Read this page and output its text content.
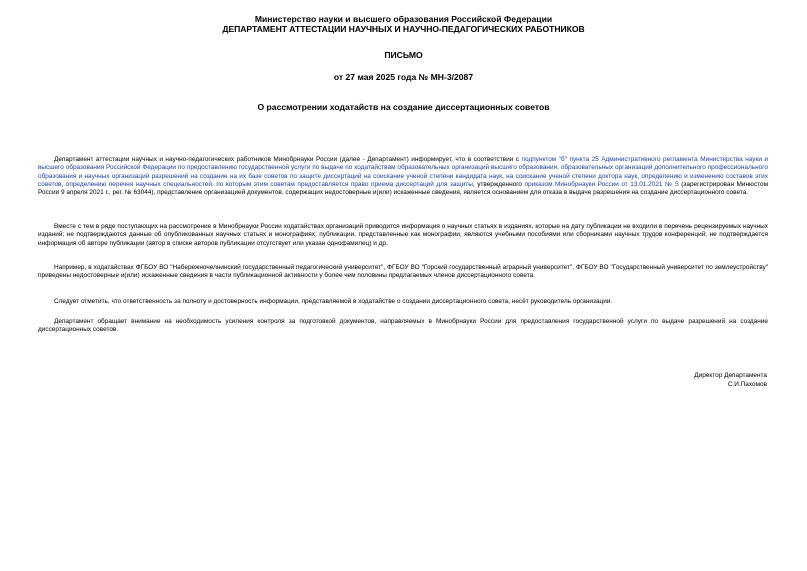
Министерство науки и высшего образования Российской Федерации
ДЕПАРТАМЕНТ АТТЕСТАЦИИ НАУЧНЫХ И НАУЧНО-ПЕДАГОГИЧЕСКИХ РАБОТНИКОВ
ПИСЬМО
от 27 мая 2025 года № МН-3/2087
О рассмотрении ходатайств на создание диссертационных советов
Департамент аттестации научных и научно-педагогических работников Минобрнауки России (далее - Департамент) информирует, что в соответствии с подпунктом "б" пункта 25 Административного регламента Министерства науки и высшего образования Российской Федерации по предоставлению государственной услуги по выдаче по ходатайствам образовательных организаций высшего образования, образовательных организаций дополнительного профессионального образования и научных организаций разрешений на создание на их базе советов по защите диссертаций на соискание ученой степени кандидата наук, на соискание ученой степени доктора наук, определению и изменению составов этих советов, определению перечня научных специальностей, по которым этим советам предоставляется право приема диссертаций для защиты, утвержденного приказом Минобрнауки России от 13.01.2021 № 5 (зарегистрирован Минюстом России 9 апреля 2021 г., рег. № 63044), представление организацией документов, содержащих недостоверные и(или) искаженные сведения, является основанием для отказа в выдаче разрешения на создание диссертационного совета.
Вместе с тем в ряде поступающих на рассмотрение в Минобрнауки России ходатайствах организаций приводится информация о научных статьях в изданиях, которые на дату публикации не входили в перечень рецензируемых научных изданий; не подтверждаются данные об опубликованных научных статьях и монографиях; публикации, представленные как монографии, являются учебными пособиями или сборниками научных трудов конференций; не подтверждается информация об авторе публикации (автор в списке авторов публикации отсутствует или указан однофамилец) и др.
Например, в ходатайствах ФГБОУ ВО "Набережночелнинский государственный педагогический университет", ФГБОУ ВО "Горский государственный аграрный университет", ФГБОУ ВО "Государственный университет по землеустройству" приведены недостоверные и(или) искаженные сведения в части публикационной активности у более чем половины предлагаемых членов диссертационного совета.
Следует отметить, что ответственность за полноту и достоверность информации, представляемой в ходатайстве о создании диссертационного совета, несёт руководитель организации.
Департамент обращает внимание на необходимость усиления контроля за подготовкой документов, направляемых в Минобрнауки России для предоставления государственной услуги по выдаче разрешений на создание диссертационных советов.
Директор Департамента
С.И.Пахомов
